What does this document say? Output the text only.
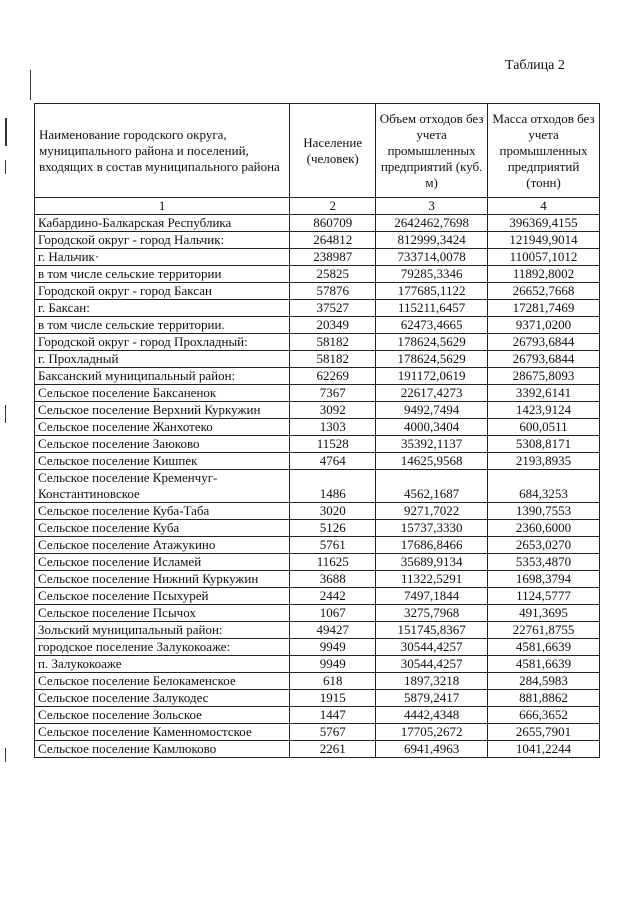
Таблица 2
Наименование городского округа, муниципального района и поселений, входящих в состав муниципального района	Население (человек)	Объем отходов без учета промышленных предприятий (куб. м)	Масса отходов без учета промышленных предприятий (тонн)
1	2	3	4
Кабардино-Балкарская Республика	860709	2642462,7698	396369,4155
Городской округ - город Нальчик:	264812	812999,3424	121949,9014
г. Нальчик·	238987	733714,0078	110057,1012
в том числе сельские территории	25825	79285,3346	11892,8002
Городской округ - город Баксан	57876	177685,1122	26652,7668
г. Баксан:	37527	115211,6457	17281,7469
в том числе сельские территории.	20349	62473,4665	9371,0200
Городской округ - город Прохладный:	58182	178624,5629	26793,6844
г. Прохладный	58182	178624,5629	26793,6844
Баксанский муниципальный район:	62269	191172,0619	28675,8093
Сельское поселение Баксаненок	7367	22617,4273	3392,6141
Сельское поселение Верхний Куркужин	3092	9492,7494	1423,9124
Сельское поселение Жанхотеко	1303	4000,3404	600,0511
Сельское поселение Заюково	11528	35392,1137	5308,8171
Сельское поселение Кишпек	4764	14625,9568	2193,8935
Сельское поселение Кременчуг-Константиновское	1486	4562,1687	684,3253
Сельское поселение Куба-Таба	3020	9271,7022	1390,7553
Сельское поселение Куба	5126	15737,3330	2360,6000
Сельское поселение Атажукино	5761	17686,8466	2653,0270
Сельское поселение Исламей	11625	35689,9134	5353,4870
Сельское поселение Нижний Куркужин	3688	11322,5291	1698,3794
Сельское поселение Псыхурей	2442	7497,1844	1124,5777
Сельское поселение Псычох	1067	3275,7968	491,3695
Зольский муниципальный район:	49427	151745,8367	22761,8755
городское поселение Залукокоаже:	9949	30544,4257	4581,6639
п. Залукокоаже	9949	30544,4257	4581,6639
Сельское поселение Белокаменское	618	1897,3218	284,5983
Сельское поселение Залукодес	1915	5879,2417	881,8862
Сельское поселение Зольское	1447	4442,4348	666,3652
Сельское поселение Каменномостское	5767	17705,2672	2655,7901
Сельское поселение Камлюково	2261	6941,4963	1041,2244
